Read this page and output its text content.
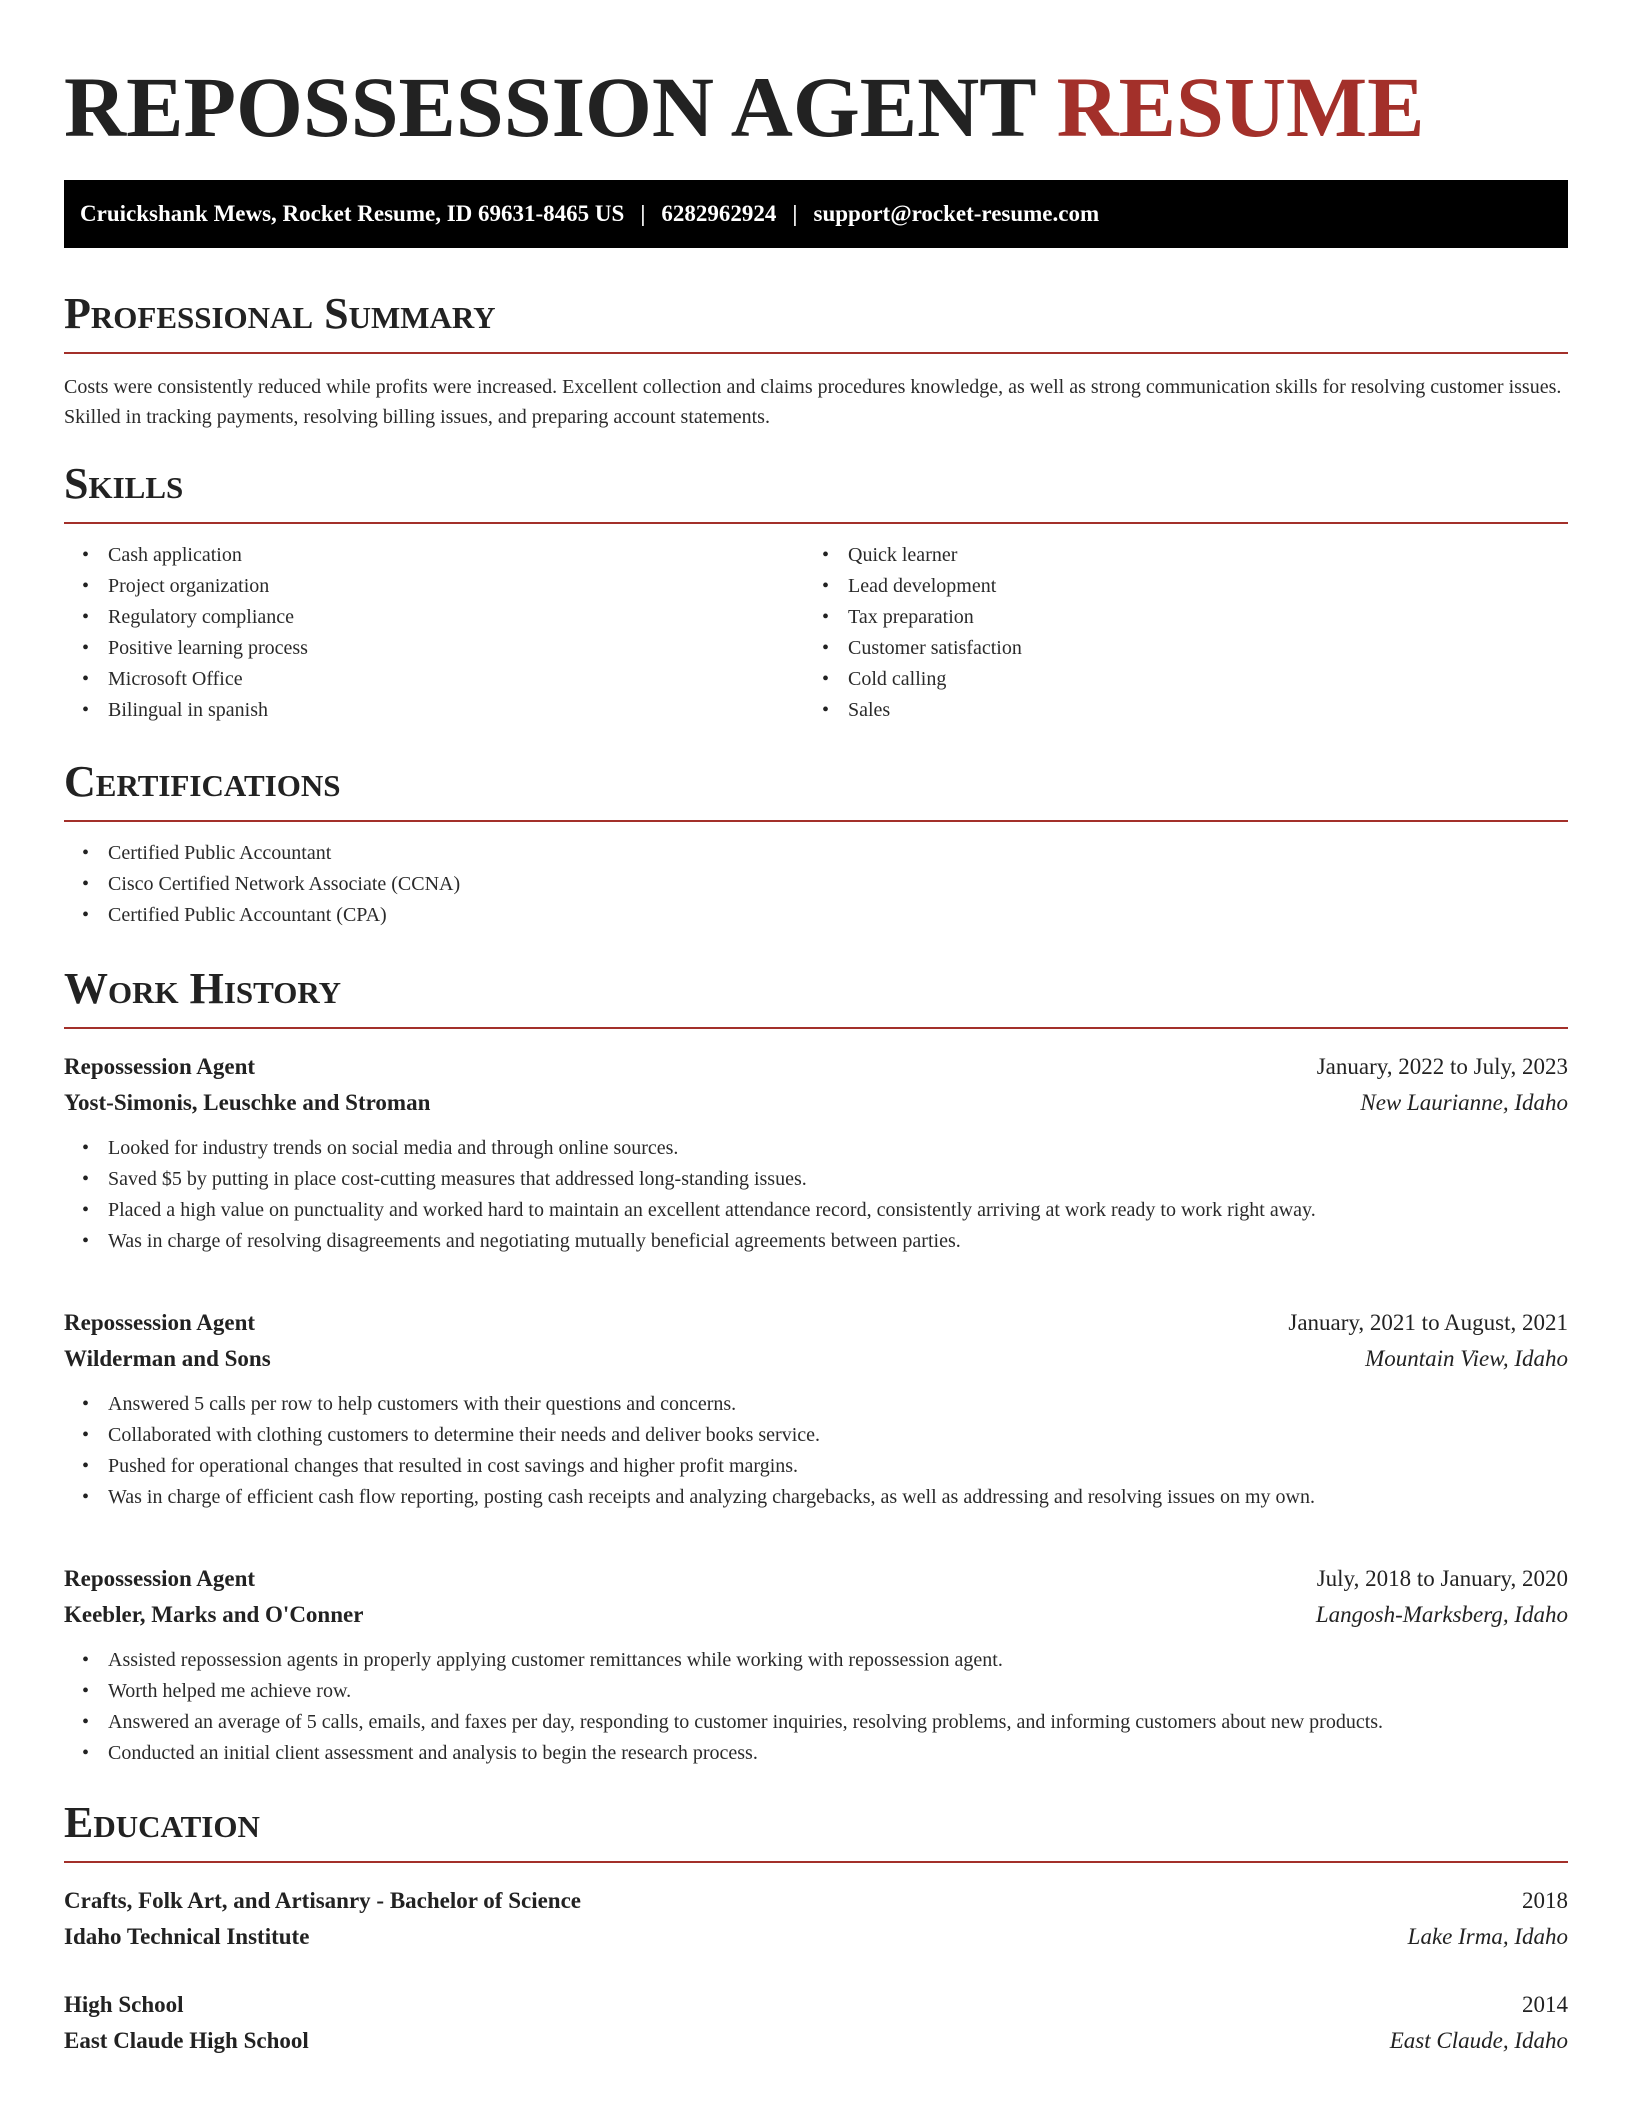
REPOSSESSION AGENT RESUME
Cruickshank Mews, Rocket Resume, ID 69631-8465 US | 6282962924 | support@rocket-resume.com
Professional Summary

Costs were consistently reduced while profits were increased. Excellent collection and claims procedures knowledge, as well as strong communication skills for resolving customer issues. Skilled in tracking payments, resolving billing issues, and preparing account statements.

Skills
• Cash application
• Project organization
• Regulatory compliance
• Positive learning process
• Microsoft Office
• Bilingual in spanish
• Quick learner
• Lead development
• Tax preparation
• Customer satisfaction
• Cold calling
• Sales
Certifications
• Certified Public Accountant
• Cisco Certified Network Associate (CCNA)
• Certified Public Accountant (CPA)
Work History
Repossession Agent	January, 2022 to July, 2023
Yost-Simonis, Leuschke and Stroman	New Laurianne, Idaho
• Looked for industry trends on social media and through online sources.
• Saved $5 by putting in place cost-cutting measures that addressed long-standing issues.
• Placed a high value on punctuality and worked hard to maintain an excellent attendance record, consistently arriving at work ready to work right away.
• Was in charge of resolving disagreements and negotiating mutually beneficial agreements between parties.
Repossession Agent	January, 2021 to August, 2021
Wilderman and Sons	Mountain View, Idaho
• Answered 5 calls per row to help customers with their questions and concerns.
• Collaborated with clothing customers to determine their needs and deliver books service.
• Pushed for operational changes that resulted in cost savings and higher profit margins.
• Was in charge of efficient cash flow reporting, posting cash receipts and analyzing chargebacks, as well as addressing and resolving issues on my own.
Repossession Agent	July, 2018 to January, 2020
Keebler, Marks and O'Conner	Langosh-Marksberg, Idaho
• Assisted repossession agents in properly applying customer remittances while working with repossession agent.
• Worth helped me achieve row.
• Answered an average of 5 calls, emails, and faxes per day, responding to customer inquiries, resolving problems, and informing customers about new products.
• Conducted an initial client assessment and analysis to begin the research process.
Education
Crafts, Folk Art, and Artisanry - Bachelor of Science	2018
Idaho Technical Institute	Lake Irma, Idaho
High School	2014
East Claude High School	East Claude, Idaho
